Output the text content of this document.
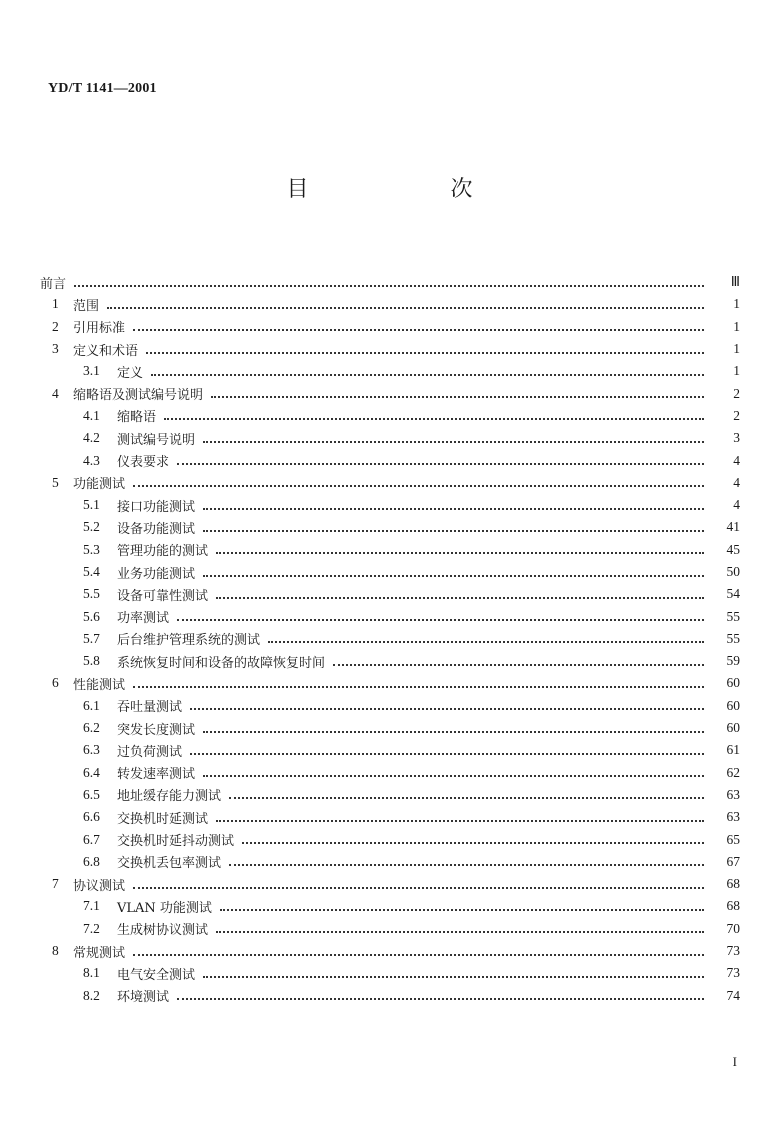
YD/T 1141—2001
目　次
前言	Ⅲ
1	范围	1
2	引用标准	1
3	定义和术语	1
3.1	定义	1
4	缩略语及测试编号说明	2
4.1	缩略语	2
4.2	测试编号说明	3
4.3	仪表要求	4
5	功能测试	4
5.1	接口功能测试	4
5.2	设备功能测试	41
5.3	管理功能的测试	45
5.4	业务功能测试	50
5.5	设备可靠性测试	54
5.6	功率测试	55
5.7	后台维护管理系统的测试	55
5.8	系统恢复时间和设备的故障恢复时间	59
6	性能测试	60
6.1	吞吐量测试	60
6.2	突发长度测试	60
6.3	过负荷测试	61
6.4	转发速率测试	62
6.5	地址缓存能力测试	63
6.6	交换机时延测试	63
6.7	交换机时延抖动测试	65
6.8	交换机丢包率测试	67
7	协议测试	68
7.1	VLAN 功能测试	68
7.2	生成树协议测试	70
8	常规测试	73
8.1	电气安全测试	73
8.2	环境测试	74
I
